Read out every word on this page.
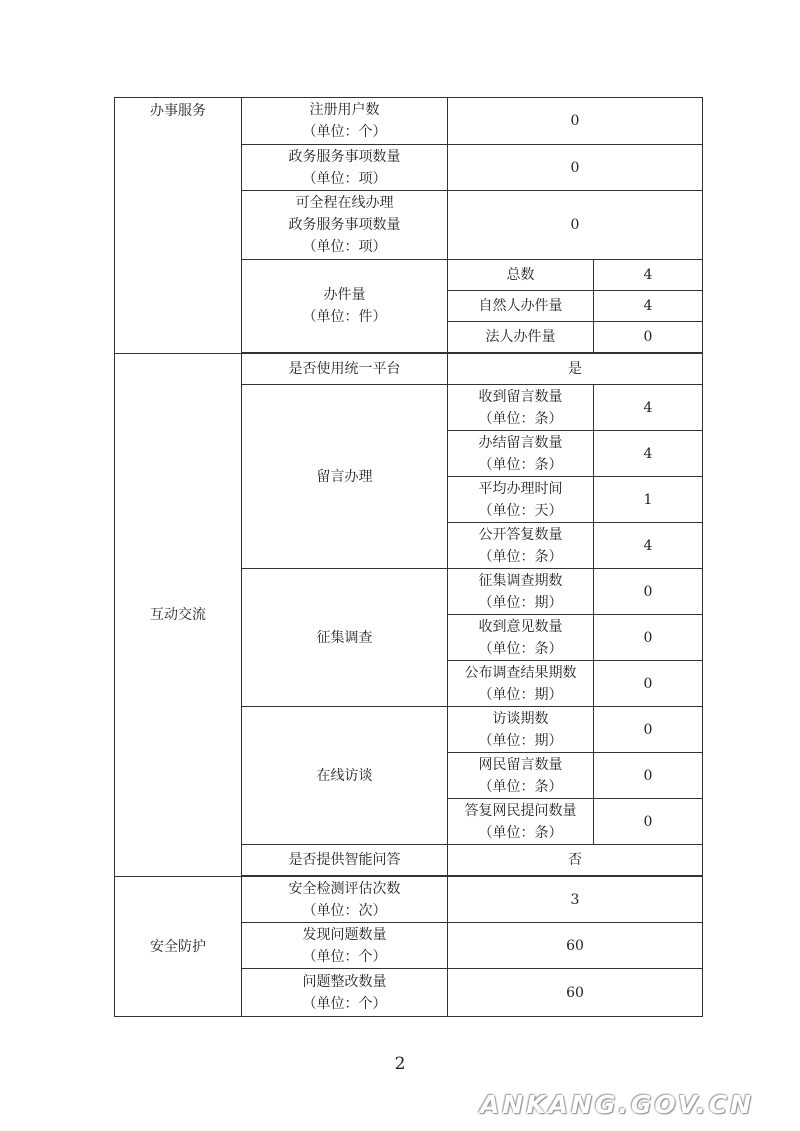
办事服务	注册用户数
（单位：个）	0	

	政务服务事项数量
（单位：项）	0	

	可全程在线办理
政务服务事项数量
（单位：项）	0	

	办件量
（单位：件）	总数	4
		自然人办件量	4
		法人办件量	0

互动交流	是否使用统一平台	是	
	留言办理	收到留言数量
（单位：条）	4

		办结留言数量
（单位：条）	4

		平均办理时间
（单位：天）	1

		公开答复数量
（单位：条）	4
	征集调查	征集调查期数
（单位：期）	0

		收到意见数量
（单位：条）	0

		公布调查结果期数
（单位：期）	0
	在线访谈	访谈期数
（单位：期）	0

		网民留言数量
（单位：条）	0

		答复网民提问数量
（单位：条）	0
	是否提供智能问答	否	

安全防护	安全检测评估次数
（单位：次）	3	

	发现问题数量
（单位：个）	60	

	问题整改数量
（单位：个）	60	
2
ANKANG.GOV.CN
